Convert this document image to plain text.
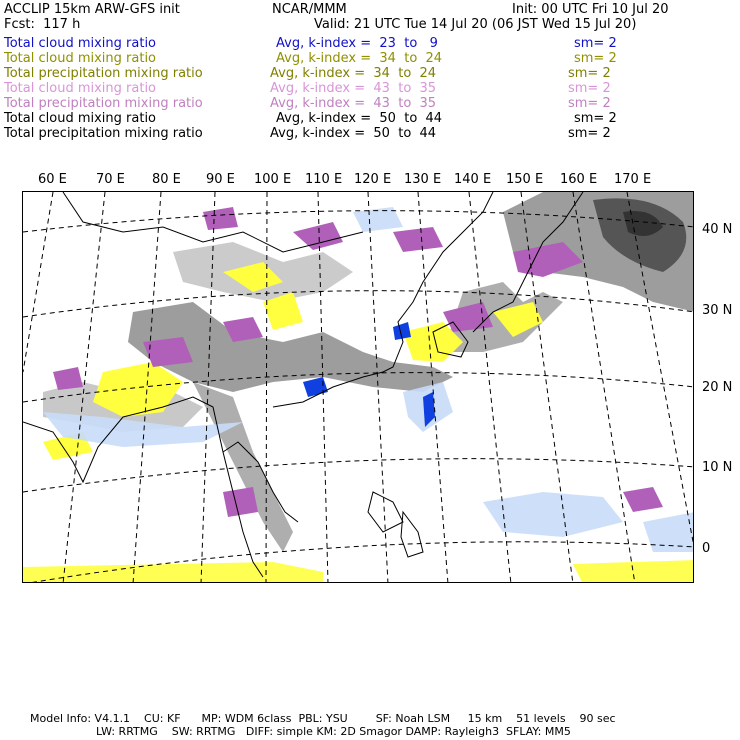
ACCLIP 15km ARW-GFS init	NCAR/MMM	Init: 00 UTC Fri 10 Jul 20
Fcst:  117 h	Valid: 21 UTC Tue 14 Jul 20 (06 JST Wed 15 Jul 20)
Total cloud mixing ratio	Avg, k-index =  23  to   9	sm= 2
Total cloud mixing ratio	Avg, k-index =  34  to  24	sm= 2
Total precipitation mixing ratio	Avg, k-index =  34  to  24	sm= 2
Total cloud mixing ratio	Avg, k-index =  43  to  35	sm= 2
Total precipitation mixing ratio	Avg, k-index =  43  to  35	sm= 2
Total cloud mixing ratio	Avg, k-index =  50  to  44	sm= 2
Total precipitation mixing ratio	Avg, k-index =  50  to  44	sm= 2
60 E 70 E 80 E 90 E 100 E 110 E 120 E 130 E 140 E 150 E 160 E 170 E
40 N
30 N
20 N
10 N
0
Model Info: V4.1.1    CU: KF      MP: WDM 6class  PBL: YSU        SF: Noah LSM     15 km    51 levels    90 sec
LW: RRTMG    SW: RRTMG   DIFF: simple KM: 2D Smagor DAMP: Rayleigh3  SFLAY: MM5
